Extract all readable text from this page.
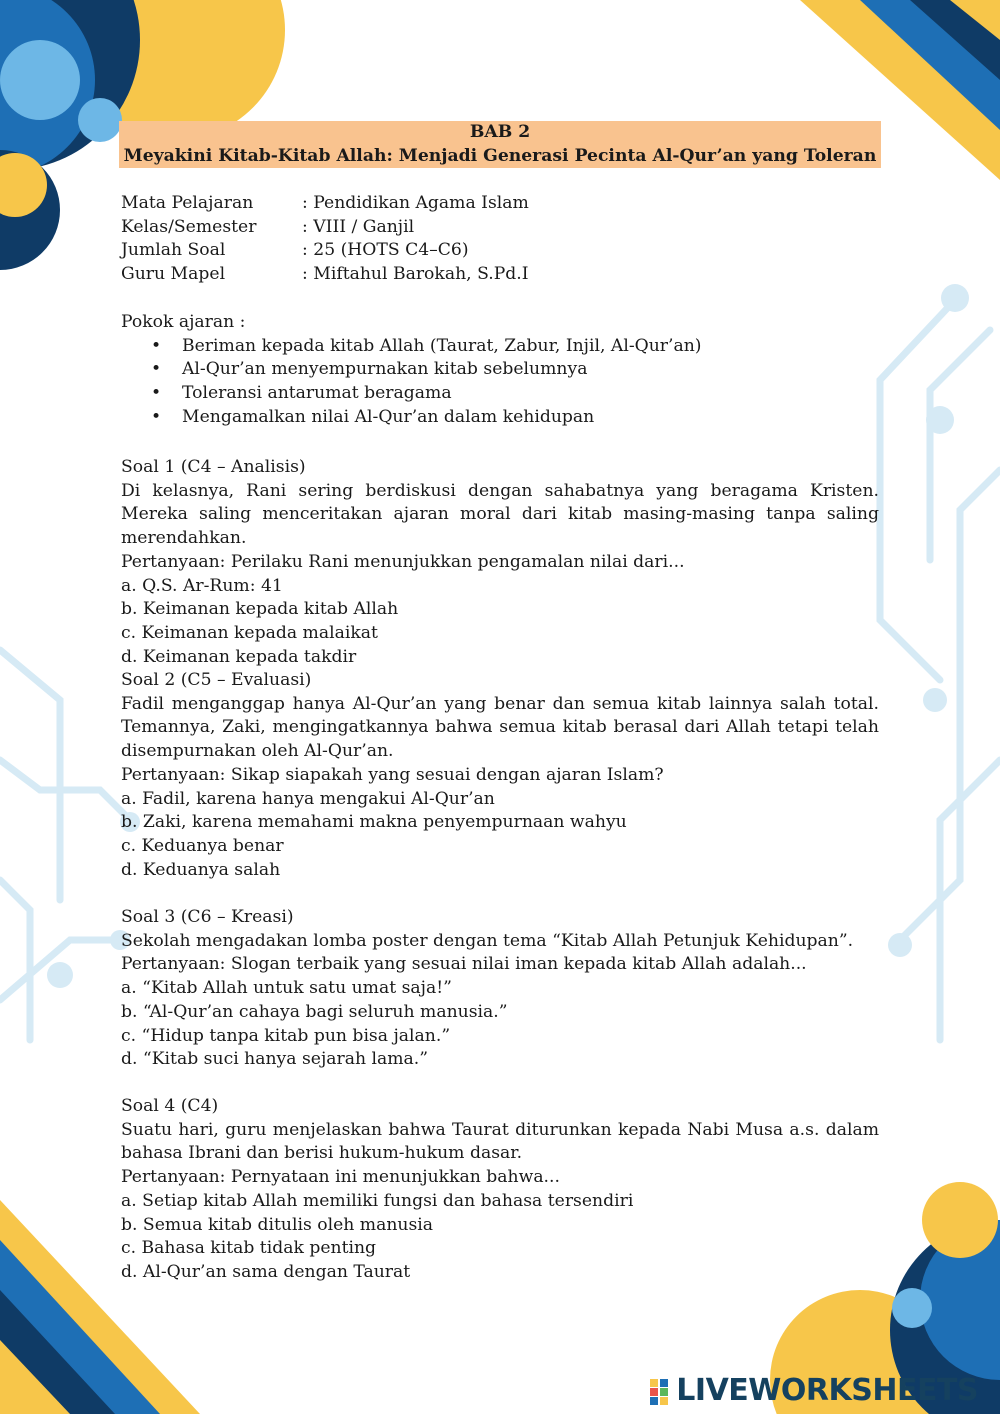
BAB 2
Meyakini Kitab-Kitab Allah: Menjadi Generasi Pecinta Al-Qur’an yang Toleran
Mata Pelajaran	: Pendidikan Agama Islam
Kelas/Semester	: VIII / Ganjil
Jumlah Soal	: 25 (HOTS C4–C6)
Guru Mapel	: Miftahul Barokah, S.Pd.I
Pokok ajaran :
• Beriman kepada kitab Allah (Taurat, Zabur, Injil, Al-Qur’an)
• Al-Qur’an menyempurnakan kitab sebelumnya
• Toleransi antarumat beragama
• Mengamalkan nilai Al-Qur’an dalam kehidupan

Soal 1 (C4 – Analisis)

Di kelasnya, Rani sering berdiskusi dengan sahabatnya yang beragama Kristen. Mereka saling menceritakan ajaran moral dari kitab masing-masing tanpa saling merendahkan.

Pertanyaan: Perilaku Rani menunjukkan pengamalan nilai dari...

a. Q.S. Ar-Rum: 41

b. Keimanan kepada kitab Allah

c. Keimanan kepada malaikat

d. Keimanan kepada takdir

Soal 2 (C5 – Evaluasi)

Fadil menganggap hanya Al-Qur’an yang benar dan semua kitab lainnya salah total. Temannya, Zaki, mengingatkannya bahwa semua kitab berasal dari Allah tetapi telah disempurnakan oleh Al-Qur’an.

Pertanyaan: Sikap siapakah yang sesuai dengan ajaran Islam?

a. Fadil, karena hanya mengakui Al-Qur’an

b. Zaki, karena memahami makna penyempurnaan wahyu

c. Keduanya benar

d. Keduanya salah

Soal 3 (C6 – Kreasi)

Sekolah mengadakan lomba poster dengan tema “Kitab Allah Petunjuk Kehidupan”.

Pertanyaan: Slogan terbaik yang sesuai nilai iman kepada kitab Allah adalah...

a. “Kitab Allah untuk satu umat saja!”

b. “Al-Qur’an cahaya bagi seluruh manusia.”

c. “Hidup tanpa kitab pun bisa jalan.”

d. “Kitab suci hanya sejarah lama.”

Soal 4 (C4)

Suatu hari, guru menjelaskan bahwa Taurat diturunkan kepada Nabi Musa a.s. dalam bahasa Ibrani dan berisi hukum-hukum dasar.

Pertanyaan: Pernyataan ini menunjukkan bahwa...

a. Setiap kitab Allah memiliki fungsi dan bahasa tersendiri

b. Semua kitab ditulis oleh manusia

c. Bahasa kitab tidak penting

d. Al-Qur’an sama dengan Taurat

LIVEWORKSHEETS
